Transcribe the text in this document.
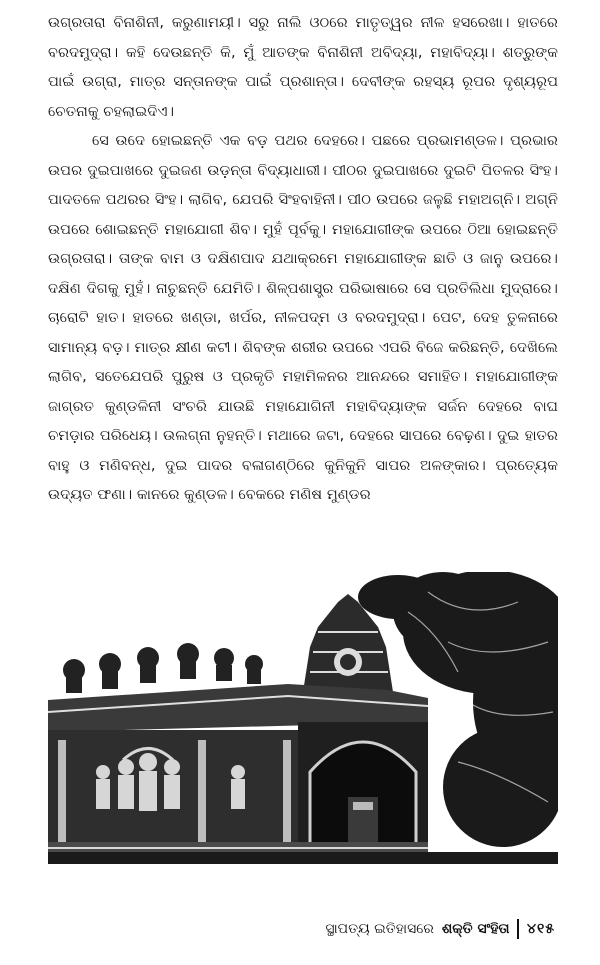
ଉଗ୍ରତାରା ବିନାଶିନୀ, କରୁଣାମୟୀ। ସରୁ ନାଲି ଓଠରେ ମାତୃତ୍ୱର ନୀଳ ହସରେଖା। ହାତରେ ବରଦମୁଦ୍ରା। କହି ଦେଉଛନ୍ତି କି, ମୁଁ ଆତଙ୍କ ବିନାଶିନୀ ଅବିଦ୍ୟା, ମହାବିଦ୍ୟା। ଶତ୍ରୁଙ୍କ ପାଇଁ ଉଗ୍ରା, ମାତ୍ର ସନ୍ତାନଙ୍କ ପାଇଁ ପ୍ରଶାନ୍ତା। ଦେବୀଙ୍କ ରହସ୍ୟ ରୂପର ଦୃଶ୍ୟରୂପ ଚେତନାକୁ ଚହଲାଇଦିଏ।

ସେ ଉଦେ ହୋଇଛନ୍ତି ଏକ ବଡ଼ ପଥର ଦେହରେ। ପଛରେ ପ୍ରଭାମଣ୍ଡଳ। ପ୍ରଭାର ଉପର ଦୁଇପାଖରେ ଦୁଇଜଣ ଉଡ଼ନ୍ତା ବିଦ୍ୟାଧାରୀ। ପୀଠର ଦୁଇପାଖରେ ଦୁଇଟି ପିତଳର ସିଂହ। ପାଦତଳେ ପଥରର ସିଂହ। ଲାଗିବ, ଯେପରି ସିଂହବାହିନୀ। ପୀଠ ଉପରେ ଜଳୁଛି ମହାଅଗ୍ନି। ଅଗ୍ନି ଉପରେ ଶୋଇଛନ୍ତି ମହାଯୋଗୀ ଶିବ। ମୁହଁ ପୂର୍ବକୁ। ମହାଯୋଗୀଙ୍କ ଉପରେ ଠିଆ ହୋଇଛନ୍ତି ଉଗ୍ରତାରା। ତାଙ୍କ ବାମ ଓ ଦକ୍ଷିଣପାଦ ଯଥାକ୍ରମେ ମହାଯୋଗୀଙ୍କ ଛାତି ଓ ଜାନୁ ଉପରେ। ଦକ୍ଷିଣ ଦିଗକୁ ମୁହଁ। ନାଚୁଛନ୍ତି ଯେମିତି। ଶିଳ୍ପଶାସ୍ତ୍ର ପରିଭାଷାରେ ସେ ପ୍ରତିଲିଧା ମୁଦ୍ରାରେ। ଚାରୋଟି ହାତ। ହାତରେ ଖଣ୍ଡା, ଖର୍ପର, ନୀଳପଦ୍ମ ଓ ବରଦମୁଦ୍ରା। ପେଟ, ଦେହ ତୁଳନାରେ ସାମାନ୍ୟ ବଡ଼। ମାତ୍ର କ୍ଷୀଣ କଟୀ। ଶିବଙ୍କ ଶରୀର ଉପରେ ଏପରି ବିଜେ କରିଛନ୍ତି, ଦେଖିଲେ ଲାଗିବ, ସତେଯେପରି ପୁରୁଷ ଓ ପ୍ରକୃତି ମହାମିଳନର ଆନନ୍ଦରେ ସମାହିତ। ମହାଯୋଗୀଙ୍କ ଜାଗ୍ରତ କୁଣ୍ଡଳିନୀ ସଂଚରି ଯାଉଛି ମହାଯୋଗିନୀ ମହାବିଦ୍ୟାଙ୍କ ସର୍ଜନ ଦେହରେ ବାଘ ଚମଡ଼ାର ପରିଧେୟ। ଉଲଗ୍ନା ନୁହନ୍ତି। ମଥାରେ ଜଟା, ଦେହରେ ସାପରେ ବେଢ଼ଣ। ଦୁଇ ହାତର ବାହୁ ଓ ମଣିବନ୍ଧ, ଦୁଇ ପାଦର ବଳାଗଣ୍ଠିରେ କୁନିକୁନି ସାପର ଅଳଙ୍କାର। ପ୍ରତ୍ୟେକ ଉଦ୍ୟତ ଫଣା। କାନରେ କୁଣ୍ଡଳ। ବେକରେ ମଣିଷ ମୁଣ୍ଡର

ସ୍ଥାପତ୍ୟ ଇତିହାସରେ ଶକ୍ତି ସଂହିତା ୪୧୫
